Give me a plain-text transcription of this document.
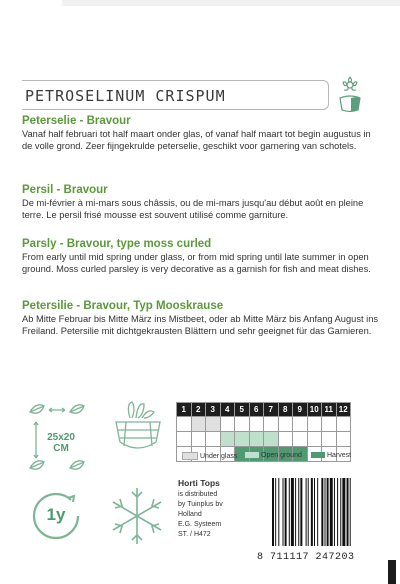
PETROSELINUM CRISPUM
Peterselie - Bravour

Vanaf half februari tot half maart onder glas, of vanaf half maart tot begin augustus in de volle grond. Zeer fijngekrulde peterselie, geschikt voor garnering van schotels.

Persil - Bravour

De mi-février à mi-mars sous châssis, ou de mi-mars jusqu'au début août en pleine terre. Le persil frisé mousse est souvent utilisé comme garniture.

Parsly - Bravour, type moss curled

From early until mid spring under glass, or from mid spring until late summer in open ground. Moss curled parsley is very decorative as a garnish for fish and meat dishes.

Petersilie - Bravour, Typ Mooskrause

Ab Mitte Februar bis Mitte März ins Mistbeet, oder ab Mitte März bis Anfang August ins Freiland. Petersilie mit dichtgekrausten Blättern und sehr geeignet für das Garnieren.

25x20
CM
1	2	3	4	5	6	7	8	9	10	11	12

Under glass	Open ground	Harvest
1y
Horti Tops
is distributed
by Tuinplus bv
Holland
E.G. Systeem
ST. / H472
8 711117 247203
